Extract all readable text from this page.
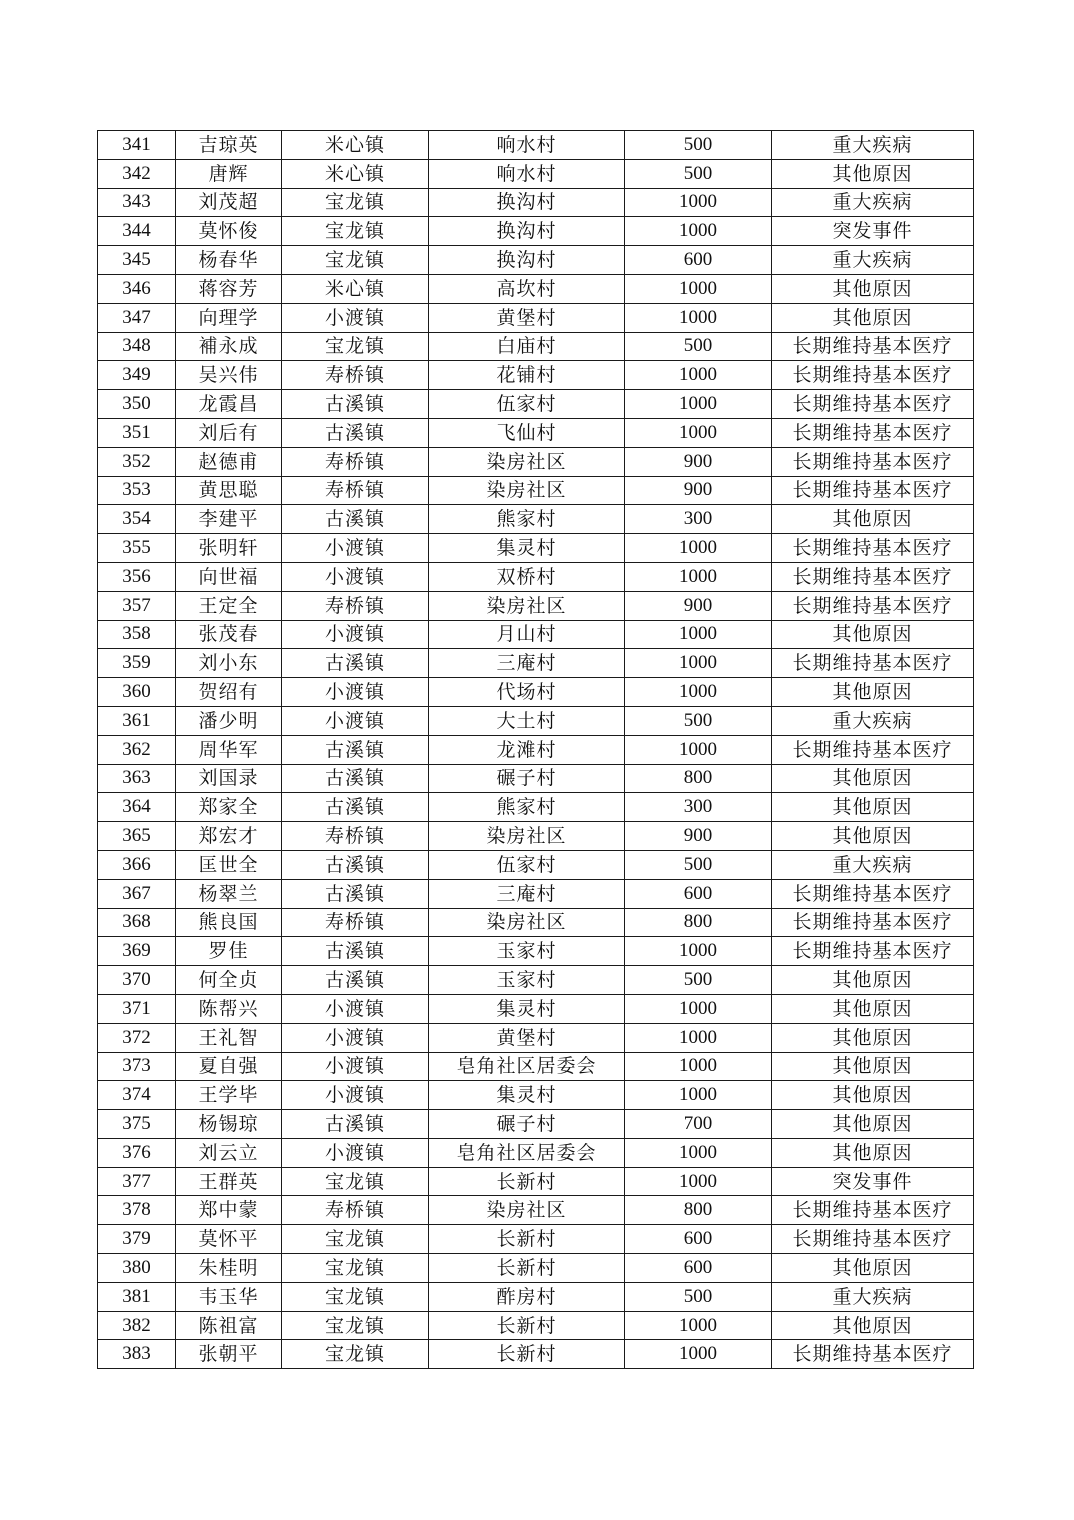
341	吉琼英	米心镇	响水村	500	重大疾病
342	唐辉	米心镇	响水村	500	其他原因
343	刘茂超	宝龙镇	换沟村	1000	重大疾病
344	莫怀俊	宝龙镇	换沟村	1000	突发事件
345	杨春华	宝龙镇	换沟村	600	重大疾病
346	蒋容芳	米心镇	高坎村	1000	其他原因
347	向理学	小渡镇	黄堡村	1000	其他原因
348	補永成	宝龙镇	白庙村	500	长期维持基本医疗
349	吴兴伟	寿桥镇	花铺村	1000	长期维持基本医疗
350	龙霞昌	古溪镇	伍家村	1000	长期维持基本医疗
351	刘后有	古溪镇	飞仙村	1000	长期维持基本医疗
352	赵德甫	寿桥镇	染房社区	900	长期维持基本医疗
353	黄思聪	寿桥镇	染房社区	900	长期维持基本医疗
354	李建平	古溪镇	熊家村	300	其他原因
355	张明轩	小渡镇	集灵村	1000	长期维持基本医疗
356	向世福	小渡镇	双桥村	1000	长期维持基本医疗
357	王定全	寿桥镇	染房社区	900	长期维持基本医疗
358	张茂春	小渡镇	月山村	1000	其他原因
359	刘小东	古溪镇	三庵村	1000	长期维持基本医疗
360	贺绍有	小渡镇	代场村	1000	其他原因
361	潘少明	小渡镇	大土村	500	重大疾病
362	周华军	古溪镇	龙滩村	1000	长期维持基本医疗
363	刘国录	古溪镇	碾子村	800	其他原因
364	郑家全	古溪镇	熊家村	300	其他原因
365	郑宏才	寿桥镇	染房社区	900	其他原因
366	匡世全	古溪镇	伍家村	500	重大疾病
367	杨翠兰	古溪镇	三庵村	600	长期维持基本医疗
368	熊良国	寿桥镇	染房社区	800	长期维持基本医疗
369	罗佳	古溪镇	玉家村	1000	长期维持基本医疗
370	何全贞	古溪镇	玉家村	500	其他原因
371	陈帮兴	小渡镇	集灵村	1000	其他原因
372	王礼智	小渡镇	黄堡村	1000	其他原因
373	夏自强	小渡镇	皂角社区居委会	1000	其他原因
374	王学毕	小渡镇	集灵村	1000	其他原因
375	杨锡琼	古溪镇	碾子村	700	其他原因
376	刘云立	小渡镇	皂角社区居委会	1000	其他原因
377	王群英	宝龙镇	长新村	1000	突发事件
378	郑中蒙	寿桥镇	染房社区	800	长期维持基本医疗
379	莫怀平	宝龙镇	长新村	600	长期维持基本医疗
380	朱桂明	宝龙镇	长新村	600	其他原因
381	韦玉华	宝龙镇	酢房村	500	重大疾病
382	陈祖富	宝龙镇	长新村	1000	其他原因
383	张朝平	宝龙镇	长新村	1000	长期维持基本医疗
